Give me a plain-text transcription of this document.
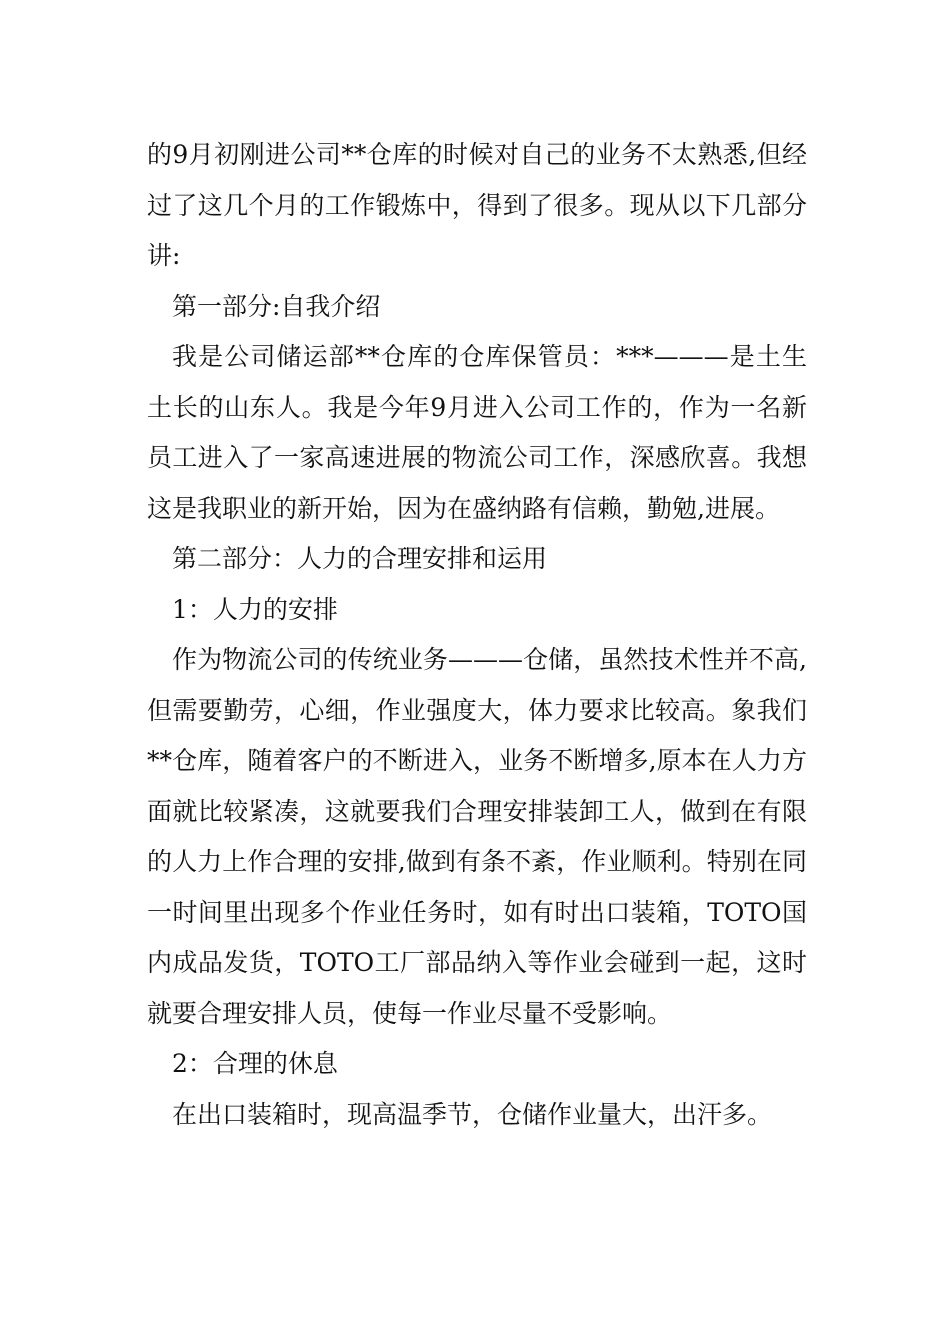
的9月初刚进公司**仓库的时候对自己的业务不太熟悉,但经过了这几个月的工作锻炼中，得到了很多。现从以下几部分讲:

第一部分:自我介绍

我是公司储运部**仓库的仓库保管员：***———是土生土长的山东人。我是今年9月进入公司工作的，作为一名新员工进入了一家高速进展的物流公司工作，深感欣喜。我想这是我职业的新开始，因为在盛纳路有信赖，勤勉,进展。

第二部分：人力的合理安排和运用

1：人力的安排

作为物流公司的传统业务———仓储，虽然技术性并不高,但需要勤劳，心细，作业强度大，体力要求比较高。象我们**仓库，随着客户的不断进入，业务不断增多,原本在人力方面就比较紧凑，这就要我们合理安排装卸工人，做到在有限的人力上作合理的安排,做到有条不紊，作业顺利。特别在同一时间里出现多个作业任务时，如有时出口装箱，TOTO国内成品发货，TOTO工厂部品纳入等作业会碰到一起，这时就要合理安排人员，使每一作业尽量不受影响。

2：合理的休息

在出口装箱时，现高温季节，仓储作业量大，出汗多。
